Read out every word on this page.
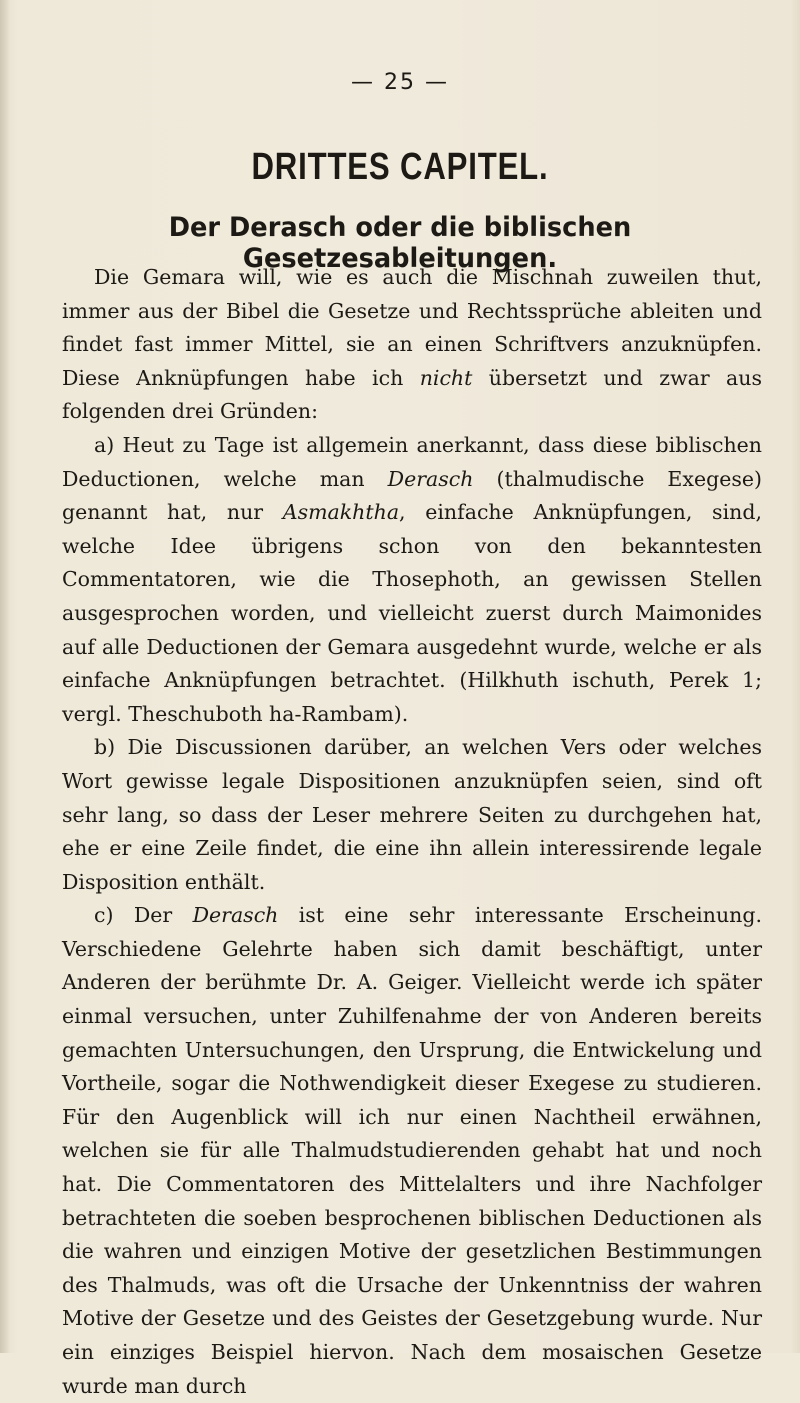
— 25 —
DRITTES CAPITEL.
Der Derasch oder die biblischen Gesetzesableitungen.

Die Gemara will, wie es auch die Mischnah zuweilen thut, immer aus der Bibel die Gesetze und Rechtssprüche ableiten und findet fast immer Mittel, sie an einen Schriftvers anzuknüpfen. Diese Anknüpfungen habe ich nicht übersetzt und zwar aus folgenden drei Gründen:

a) Heut zu Tage ist allgemein anerkannt, dass diese biblischen Deductionen, welche man Derasch (thalmudische Exegese) genannt hat, nur Asmakhtha, einfache Anknüpfungen, sind, welche Idee übrigens schon von den bekanntesten Commentatoren, wie die Thosephoth, an gewissen Stellen ausgesprochen worden, und vielleicht zuerst durch Maimonides auf alle Deductionen der Gemara ausgedehnt wurde, welche er als einfache Anknüpfungen betrachtet. (Hilkhuth ischuth, Perek 1; vergl. Theschuboth ha-Rambam).

b) Die Discussionen darüber, an welchen Vers oder welches Wort gewisse legale Dispositionen anzuknüpfen seien, sind oft sehr lang, so dass der Leser mehrere Seiten zu durchgehen hat, ehe er eine Zeile findet, die eine ihn allein interessirende legale Disposition enthält.

c) Der Derasch ist eine sehr interessante Erscheinung. Verschiedene Gelehrte haben sich damit beschäftigt, unter Anderen der berühmte Dr. A. Geiger. Vielleicht werde ich später einmal versuchen, unter Zuhilfenahme der von Anderen bereits gemachten Untersuchungen, den Ursprung, die Entwickelung und Vortheile, sogar die Nothwendigkeit dieser Exegese zu studieren. Für den Augenblick will ich nur einen Nachtheil erwähnen, welchen sie für alle Thalmudstudierenden gehabt hat und noch hat. Die Commentatoren des Mittelalters und ihre Nachfolger betrachteten die soeben besprochenen biblischen Deductionen als die wahren und einzigen Motive der gesetzlichen Bestimmungen des Thalmuds, was oft die Ursache der Unkenntniss der wahren Motive der Gesetze und des Geistes der Gesetzgebung wurde. Nur ein einziges Beispiel hiervon. Nach dem mosaischen Gesetze wurde man durch
